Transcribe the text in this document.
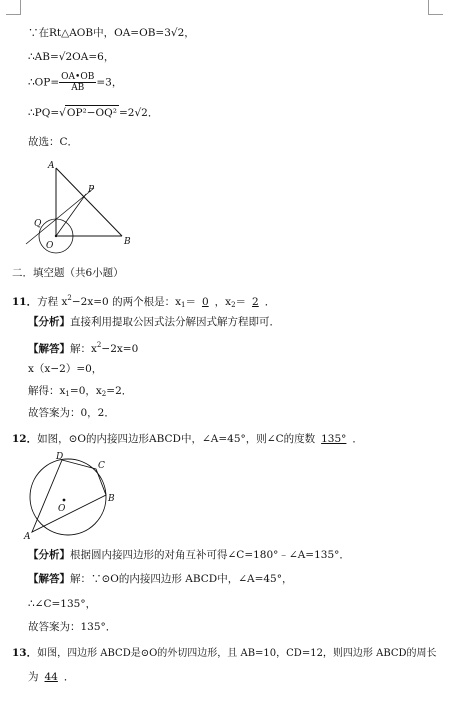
∵在Rt△AOB中，OA=OB=3√2，
∴AB=√2OA=6，
∴OP= $\frac{OA•OB}{AB} =3$，
∴PQ=√OP²−OQ² =2√2．
故选：C．
A
P
Q
O	B
二．填空题（共6小题）
11．方程 $x^2-2x=0$ 的两个根是：$x_1= 0$ ，$x_2= 2$ ．
【分析】直接利用提取公因式法分解因式解方程即可．
【解答】解：$x^2-2x=0$
x（x−2）=0，
解得：$x_1=0$，$x_2=2$．
故答案为：0，2．
12．如图，⊙O的内接四边形ABCD中，∠A=45°，则∠C的度数 135° ．
D
C
B
O
A
【分析】根据圆内接四边形的对角互补可得∠C=180°﹣∠A=135°．
【解答】解：∵⊙O的内接四边形 ABCD中，∠A=45°，
∴∠C=135°，
故答案为：135°．
13．如图，四边形 ABCD是⊙O的外切四边形，且 AB=10，CD=12，则四边形 ABCD的周长
为 44 ．
